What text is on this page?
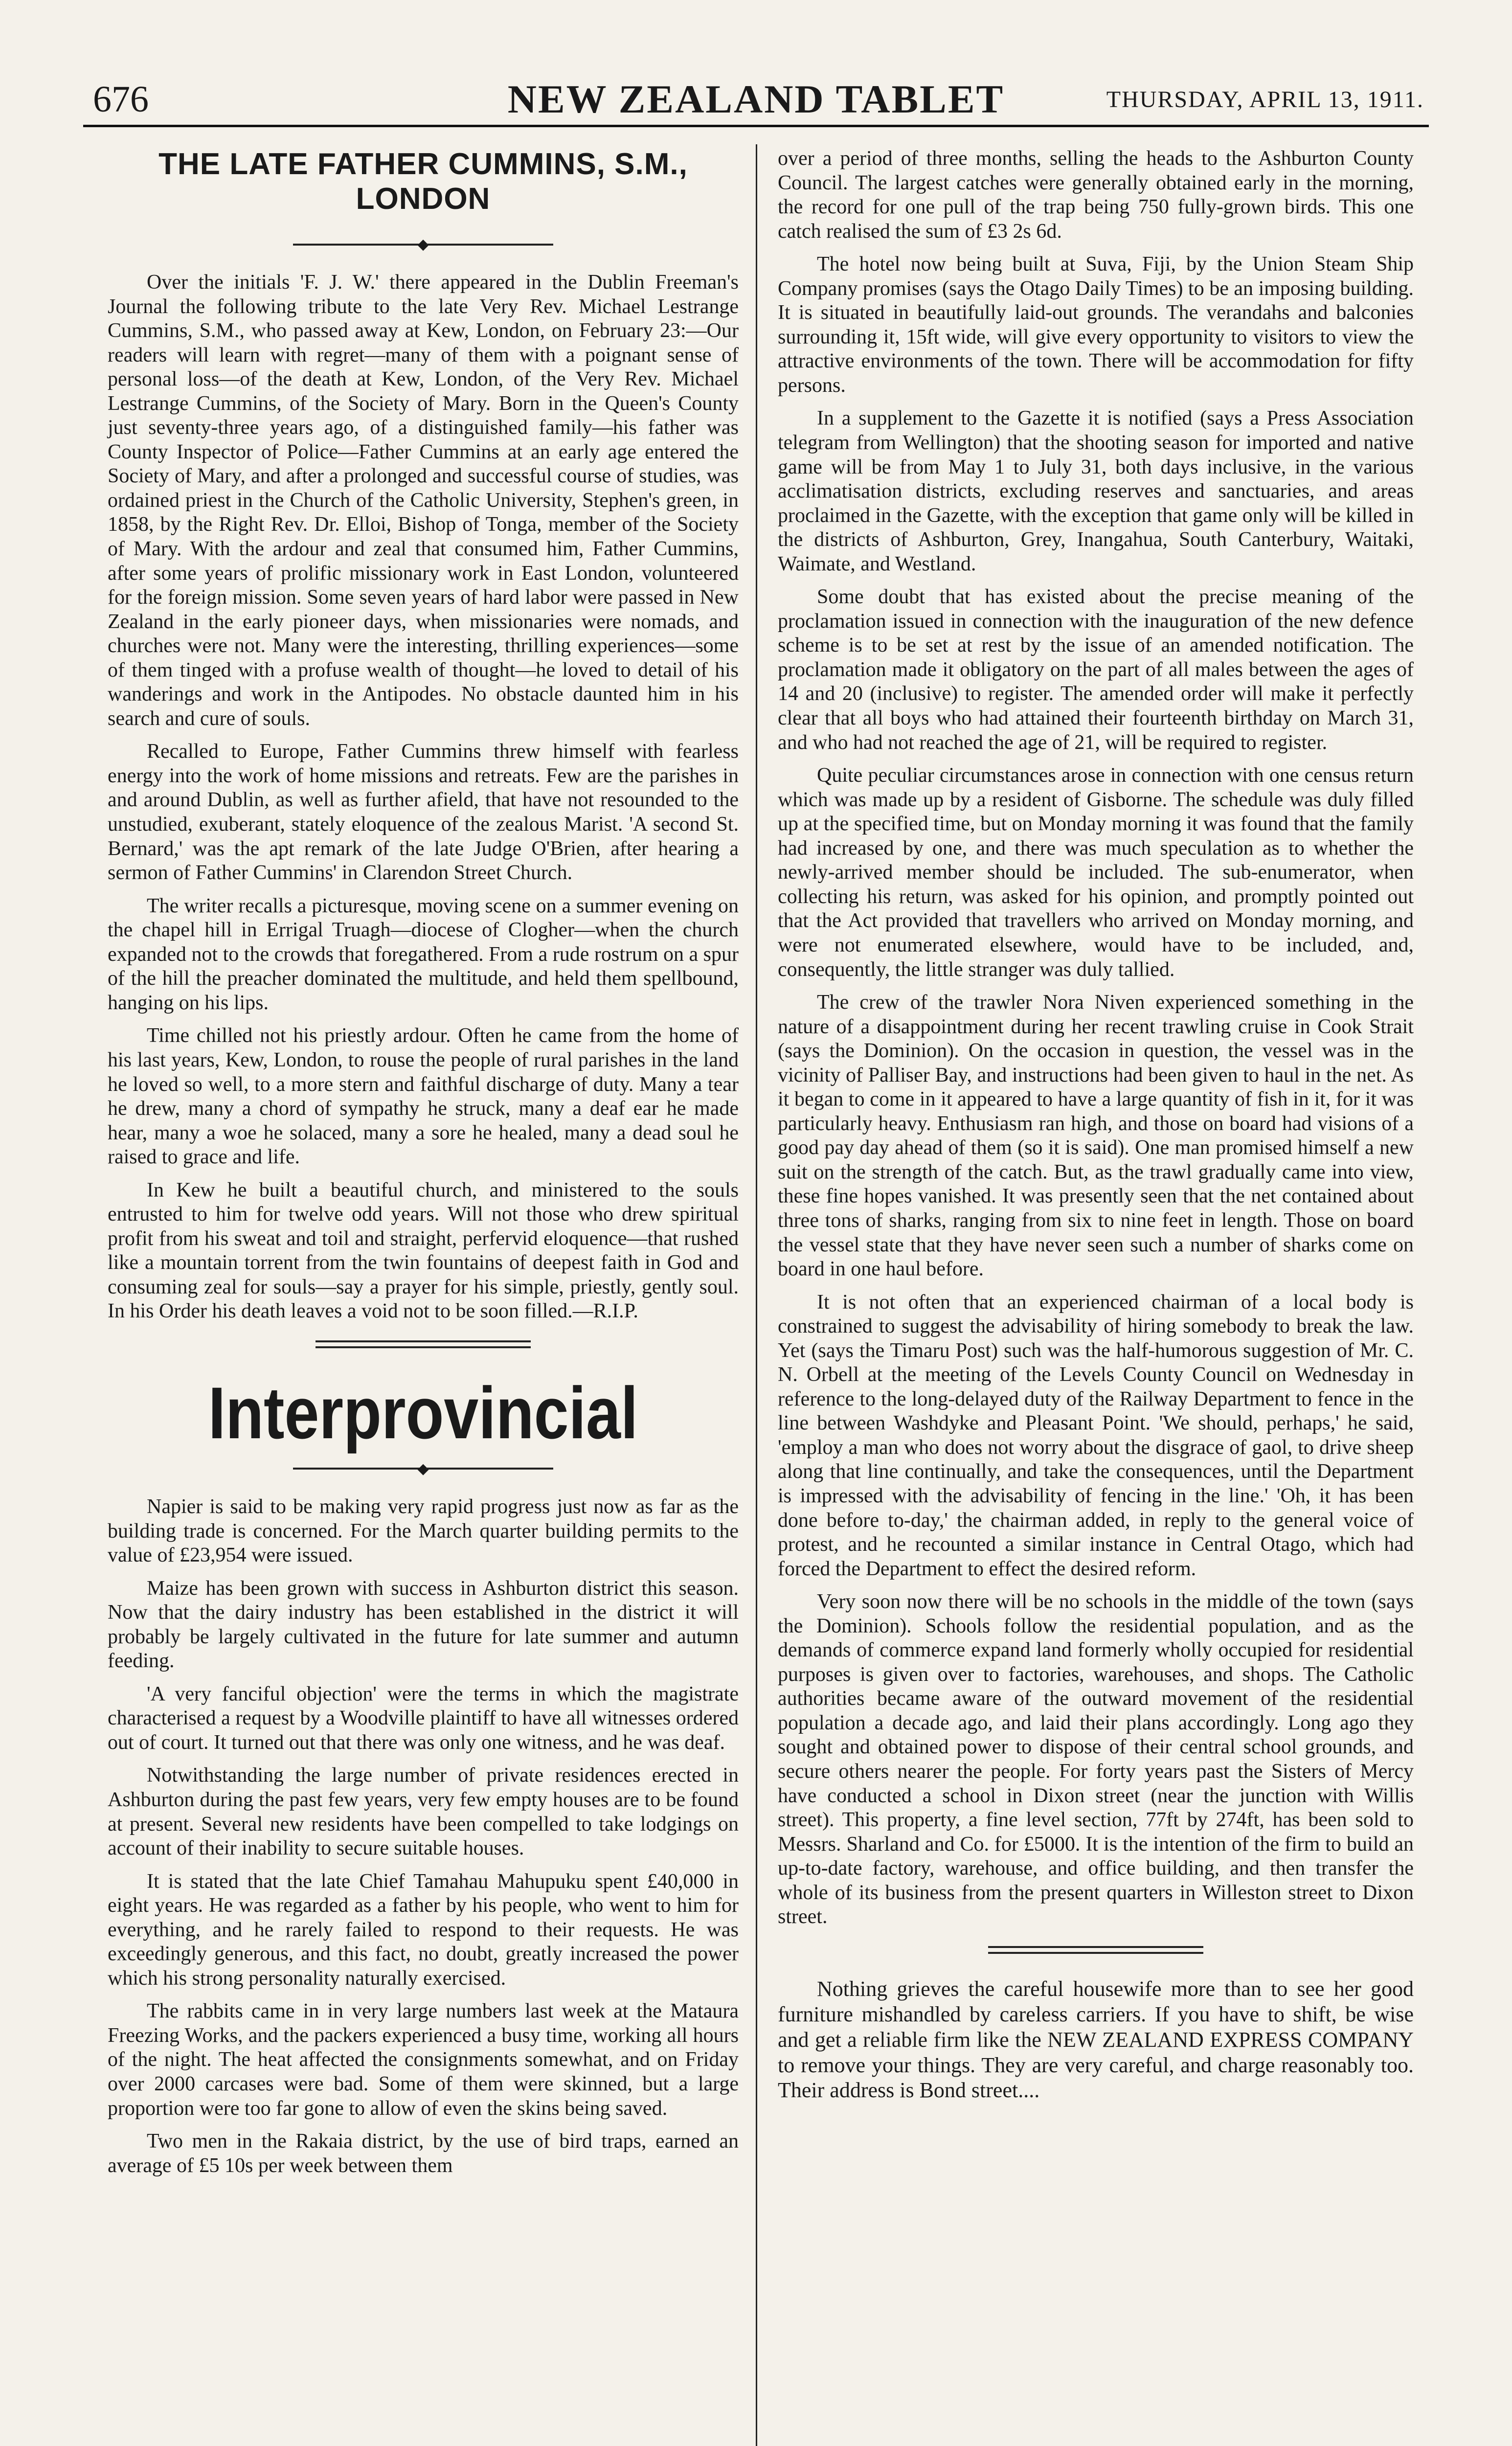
676	NEW ZEALAND TABLET	THURSDAY, APRIL 13, 1911.
THE LATE FATHER CUMMINS, S.M., LONDON
◆

Over the initials 'F. J. W.' there appeared in the Dublin Freeman's Journal the following tribute to the late Very Rev. Michael Lestrange Cummins, S.M., who passed away at Kew, London, on February 23:—Our readers will learn with regret—many of them with a poignant sense of personal loss—of the death at Kew, London, of the Very Rev. Michael Lestrange Cummins, of the Society of Mary. Born in the Queen's County just seventy-three years ago, of a distinguished family—his father was County Inspector of Police—Father Cummins at an early age entered the Society of Mary, and after a prolonged and successful course of studies, was ordained priest in the Church of the Catholic University, Stephen's green, in 1858, by the Right Rev. Dr. Elloi, Bishop of Tonga, member of the Society of Mary. With the ardour and zeal that consumed him, Father Cummins, after some years of prolific missionary work in East London, volunteered for the foreign mission. Some seven years of hard labor were passed in New Zealand in the early pioneer days, when missionaries were nomads, and churches were not. Many were the interesting, thrilling experiences—some of them tinged with a profuse wealth of thought—he loved to detail of his wanderings and work in the Antipodes. No obstacle daunted him in his search and cure of souls.

Recalled to Europe, Father Cummins threw himself with fearless energy into the work of home missions and retreats. Few are the parishes in and around Dublin, as well as further afield, that have not resounded to the unstudied, exuberant, stately eloquence of the zealous Marist. 'A second St. Bernard,' was the apt remark of the late Judge O'Brien, after hearing a sermon of Father Cummins' in Clarendon Street Church.

The writer recalls a picturesque, moving scene on a summer evening on the chapel hill in Errigal Truagh—diocese of Clogher—when the church expanded not to the crowds that foregathered. From a rude rostrum on a spur of the hill the preacher dominated the multitude, and held them spellbound, hanging on his lips.

Time chilled not his priestly ardour. Often he came from the home of his last years, Kew, London, to rouse the people of rural parishes in the land he loved so well, to a more stern and faithful discharge of duty. Many a tear he drew, many a chord of sympathy he struck, many a deaf ear he made hear, many a woe he solaced, many a sore he healed, many a dead soul he raised to grace and life.

In Kew he built a beautiful church, and ministered to the souls entrusted to him for twelve odd years. Will not those who drew spiritual profit from his sweat and toil and straight, perfervid eloquence—that rushed like a mountain torrent from the twin fountains of deepest faith in God and consuming zeal for souls—say a prayer for his simple, priestly, gently soul. In his Order his death leaves a void not to be soon filled.—R.I.P.

Interprovincial
◆

Napier is said to be making very rapid progress just now as far as the building trade is concerned. For the March quarter building permits to the value of £23,954 were issued.

Maize has been grown with success in Ashburton district this season. Now that the dairy industry has been established in the district it will probably be largely cultivated in the future for late summer and autumn feeding.

'A very fanciful objection' were the terms in which the magistrate characterised a request by a Woodville plaintiff to have all witnesses ordered out of court. It turned out that there was only one witness, and he was deaf.

Notwithstanding the large number of private residences erected in Ashburton during the past few years, very few empty houses are to be found at present. Several new residents have been compelled to take lodgings on account of their inability to secure suitable houses.

It is stated that the late Chief Tamahau Mahupuku spent £40,000 in eight years. He was regarded as a father by his people, who went to him for everything, and he rarely failed to respond to their requests. He was exceedingly generous, and this fact, no doubt, greatly increased the power which his strong personality naturally exercised.

The rabbits came in in very large numbers last week at the Mataura Freezing Works, and the packers experienced a busy time, working all hours of the night. The heat affected the consignments somewhat, and on Friday over 2000 carcases were bad. Some of them were skinned, but a large proportion were too far gone to allow of even the skins being saved.

Two men in the Rakaia district, by the use of bird traps, earned an average of £5 10s per week between them

over a period of three months, selling the heads to the Ashburton County Council. The largest catches were generally obtained early in the morning, the record for one pull of the trap being 750 fully-grown birds. This one catch realised the sum of £3 2s 6d.

The hotel now being built at Suva, Fiji, by the Union Steam Ship Company promises (says the Otago Daily Times) to be an imposing building. It is situated in beautifully laid-out grounds. The verandahs and balconies surrounding it, 15ft wide, will give every opportunity to visitors to view the attractive environments of the town. There will be accommodation for fifty persons.

In a supplement to the Gazette it is notified (says a Press Association telegram from Wellington) that the shooting season for imported and native game will be from May 1 to July 31, both days inclusive, in the various acclimatisation districts, excluding reserves and sanctuaries, and areas proclaimed in the Gazette, with the exception that game only will be killed in the districts of Ashburton, Grey, Inangahua, South Canterbury, Waitaki, Waimate, and Westland.

Some doubt that has existed about the precise meaning of the proclamation issued in connection with the inauguration of the new defence scheme is to be set at rest by the issue of an amended notification. The proclamation made it obligatory on the part of all males between the ages of 14 and 20 (inclusive) to register. The amended order will make it perfectly clear that all boys who had attained their fourteenth birthday on March 31, and who had not reached the age of 21, will be required to register.

Quite peculiar circumstances arose in connection with one census return which was made up by a resident of Gisborne. The schedule was duly filled up at the specified time, but on Monday morning it was found that the family had increased by one, and there was much speculation as to whether the newly-arrived member should be included. The sub-enumerator, when collecting his return, was asked for his opinion, and promptly pointed out that the Act provided that travellers who arrived on Monday morning, and were not enumerated elsewhere, would have to be included, and, consequently, the little stranger was duly tallied.

The crew of the trawler Nora Niven experienced something in the nature of a disappointment during her recent trawling cruise in Cook Strait (says the Dominion). On the occasion in question, the vessel was in the vicinity of Palliser Bay, and instructions had been given to haul in the net. As it began to come in it appeared to have a large quantity of fish in it, for it was particularly heavy. Enthusiasm ran high, and those on board had visions of a good pay day ahead of them (so it is said). One man promised himself a new suit on the strength of the catch. But, as the trawl gradually came into view, these fine hopes vanished. It was presently seen that the net contained about three tons of sharks, ranging from six to nine feet in length. Those on board the vessel state that they have never seen such a number of sharks come on board in one haul before.

It is not often that an experienced chairman of a local body is constrained to suggest the advisability of hiring somebody to break the law. Yet (says the Timaru Post) such was the half-humorous suggestion of Mr. C. N. Orbell at the meeting of the Levels County Council on Wednesday in reference to the long-delayed duty of the Railway Department to fence in the line between Washdyke and Pleasant Point. 'We should, perhaps,' he said, 'employ a man who does not worry about the disgrace of gaol, to drive sheep along that line continually, and take the consequences, until the Department is impressed with the advisability of fencing in the line.' 'Oh, it has been done before to-day,' the chairman added, in reply to the general voice of protest, and he recounted a similar instance in Central Otago, which had forced the Department to effect the desired reform.

Very soon now there will be no schools in the middle of the town (says the Dominion). Schools follow the residential population, and as the demands of commerce expand land formerly wholly occupied for residential purposes is given over to factories, warehouses, and shops. The Catholic authorities became aware of the outward movement of the residential population a decade ago, and laid their plans accordingly. Long ago they sought and obtained power to dispose of their central school grounds, and secure others nearer the people. For forty years past the Sisters of Mercy have conducted a school in Dixon street (near the junction with Willis street). This property, a fine level section, 77ft by 274ft, has been sold to Messrs. Sharland and Co. for £5000. It is the intention of the firm to build an up-to-date factory, warehouse, and office building, and then transfer the whole of its business from the present quarters in Willeston street to Dixon street.

Nothing grieves the careful housewife more than to see her good furniture mishandled by careless carriers. If you have to shift, be wise and get a reliable firm like the NEW ZEALAND EXPRESS COMPANY to remove your things. They are very careful, and charge reasonably too. Their address is Bond street....
